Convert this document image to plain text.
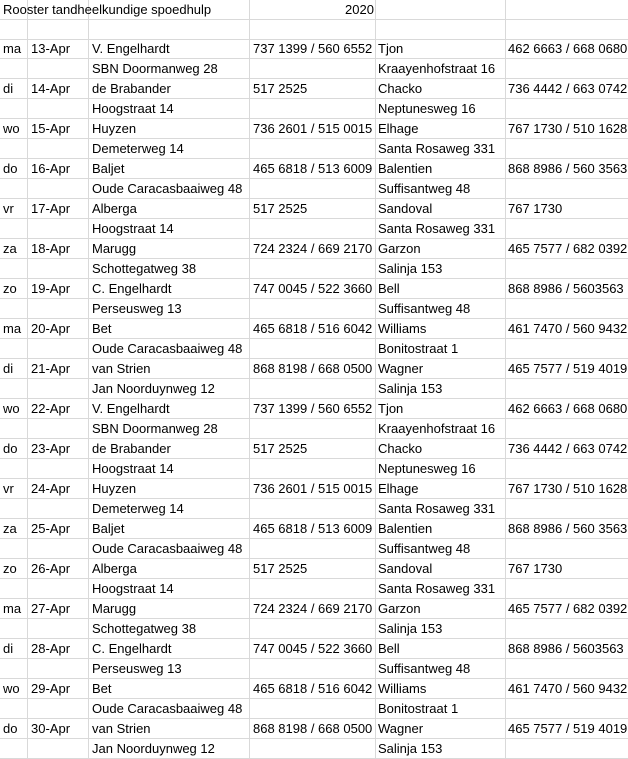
Rooster tandheelkundige spoedhulp	2020
ma 13-Apr	V. Engelhardt	737 1399 / 560 6552 Tjon	462 6663 / 668 0680
SBN Doormanweg 28	Kraayenhofstraat 16
di	14-Apr	de Brabander	517 2525	Chacko	736 4442 / 663 0742
Hoogstraat 14	Neptunesweg 16
wo 15-Apr	Huyzen	736 2601 / 515 0015 Elhage	767 1730 / 510 1628
Demeterweg 14	Santa Rosaweg 331
do	16-Apr	Baljet	465 6818 / 513 6009 Balentien	868 8986 / 560 3563
Oude Caracasbaaiweg 48	Suffisantweg 48
vr	17-Apr	Alberga	517 2525	Sandoval	767 1730
Hoogstraat 14	Santa Rosaweg 331
za	18-Apr	Marugg	724 2324 / 669 2170 Garzon	465 7577 / 682 0392
Schottegatweg 38	Salinja 153
zo	19-Apr	C. Engelhardt	747 0045 / 522 3660 Bell	868 8986 / 5603563
Perseusweg 13	Suffisantweg 48
ma 20-Apr	Bet	465 6818 / 516 6042 Williams	461 7470 / 560 9432
Oude Caracasbaaiweg 48	Bonitostraat 1
di	21-Apr	van Strien	868 8198 / 668 0500 Wagner	465 7577 / 519 4019
Jan Noorduynweg 12	Salinja 153
wo 22-Apr	V. Engelhardt	737 1399 / 560 6552 Tjon	462 6663 / 668 0680
SBN Doormanweg 28	Kraayenhofstraat 16
do	23-Apr	de Brabander	517 2525	Chacko	736 4442 / 663 0742
Hoogstraat 14	Neptunesweg 16
vr	24-Apr	Huyzen	736 2601 / 515 0015 Elhage	767 1730 / 510 1628
Demeterweg 14	Santa Rosaweg 331
za	25-Apr	Baljet	465 6818 / 513 6009 Balentien	868 8986 / 560 3563
Oude Caracasbaaiweg 48	Suffisantweg 48
zo	26-Apr	Alberga	517 2525	Sandoval	767 1730
Hoogstraat 14	Santa Rosaweg 331
ma 27-Apr	Marugg	724 2324 / 669 2170 Garzon	465 7577 / 682 0392
Schottegatweg 38	Salinja 153
di	28-Apr	C. Engelhardt	747 0045 / 522 3660 Bell	868 8986 / 5603563
Perseusweg 13	Suffisantweg 48
wo 29-Apr	Bet	465 6818 / 516 6042 Williams	461 7470 / 560 9432
Oude Caracasbaaiweg 48	Bonitostraat 1
do	30-Apr	van Strien	868 8198 / 668 0500 Wagner	465 7577 / 519 4019
Jan Noorduynweg 12	Salinja 153
